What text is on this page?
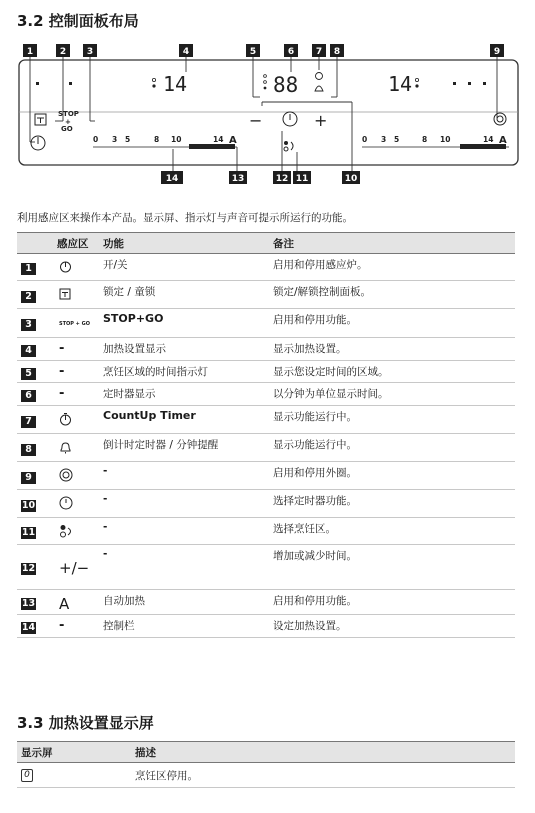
3.2 控制面板布局
1	2 3	4	5	6 7 8	9
14	88	14
STOP
+
GO
0 3 5	8 10	14 A
−	+
0 3 5	8 10	14 A
14	13	12 11	10
利用感应区来操作本产品。显示屏、指示灯与声音可提示所运行的功能。
	感应区	功能	备注
1		开/关	启用和停用感应炉。
2		锁定 / 童锁	锁定/解锁控制面板。
3	STOP + GO	STOP+GO	启用和停用功能。
4	-	加热设置显示	显示加热设置。
5	-	烹饪区域的时间指示灯	显示您设定时间的区域。
6	-	定时器显示	以分钟为单位显示时间。
7		CountUp Timer	显示功能运行中。
8		倒计时定时器 / 分钟提醒	显示功能运行中。
9		-	启用和停用外圈。
10		-	选择定时器功能。
11		-	选择烹饪区。
12	+/−	-	增加或减少时间。
13	A	自动加热	启用和停用功能。
14	-	控制栏	设定加热设置。
3.3 加热设置显示屏
显示屏	描述
0	烹饪区停用。
